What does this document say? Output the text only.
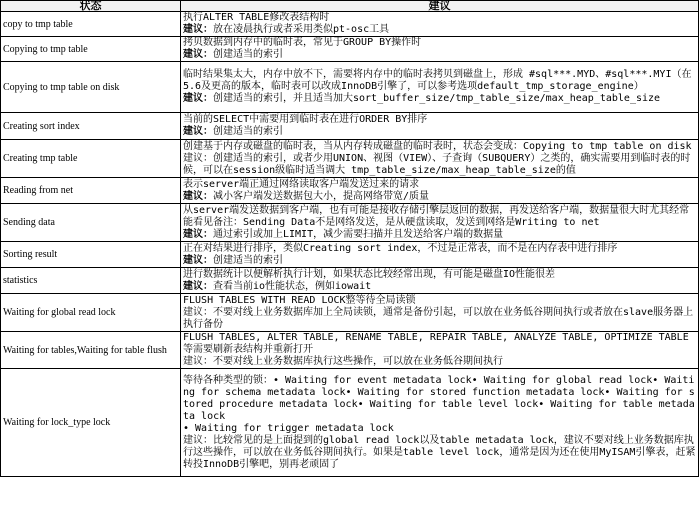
状态	建议
copy to tmp table	执行ALTER TABLE修改表结构时
建议：放在凌晨执行或者采用类似pt-osc工具

Copying to tmp table	拷贝数据到内存中的临时表，常见于GROUP BY操作时
建议：创建适当的索引

Copying to tmp table on disk	临时结果集太大，内存中放不下，需要将内存中的临时表拷贝到磁盘上，形成 #sql***.MYD、#sql***.MYI（在5.6及更高的版本，临时表可以改成InnoDB引擎了，可以参考选项default_tmp_storage_engine）
建议：创建适当的索引，并且适当加大sort_buffer_size/tmp_table_size/max_heap_table_size

Creating sort index	当前的SELECT中需要用到临时表在进行ORDER BY排序
建议：创建适当的索引

Creating tmp table	创建基于内存或磁盘的临时表，当从内存转成磁盘的临时表时，状态会变成：Copying to tmp table on disk建议：创建适当的索引，或者少用UNION、视图（VIEW）、子查询（SUBQUERY）之类的，确实需要用到临时表的时候，可以在session级临时适当调大 tmp_table_size/max_heap_table_size的值

Reading from net	表示server端正通过网络读取客户端发送过来的请求
建议：减小客户端发送数据包大小，提高网络带宽/质量

Sending data	从server端发送数据到客户端，也有可能是接收存储引擎层返回的数据，再发送给客户端，数据量很大时尤其经常能看见备注：Sending Data不是网络发送，是从硬盘读取，发送到网络是Writing to net
建议：通过索引或加上LIMIT，减少需要扫描并且发送给客户端的数据量

Sorting result	正在对结果进行排序，类似Creating sort index，不过是正常表，而不是在内存表中进行排序
建议：创建适当的索引

statistics	进行数据统计以便解析执行计划，如果状态比较经常出现，有可能是磁盘IO性能很差
建议：查看当前io性能状态，例如iowait

Waiting for global read lock	FLUSH TABLES WITH READ LOCK整等待全局读锁
建议：不要对线上业务数据库加上全局读锁，通常是备份引起，可以放在业务低谷期间执行或者放在slave服务器上执行备份

Waiting for tables,Waiting for table flush	FLUSH TABLES, ALTER TABLE, RENAME TABLE, REPAIR TABLE, ANALYZE TABLE, OPTIMIZE TABLE等需要刷新表结构并重新打开
建议：不要对线上业务数据库执行这些操作，可以放在业务低谷期间执行

Waiting for lock_type lock	等待各种类型的锁：• Waiting for event metadata lock• Waiting for global read lock• Waiting for schema metadata lock• Waiting for stored function metadata lock• Waiting for stored procedure metadata lock• Waiting for table level lock• Waiting for table metadata lock
• Waiting for trigger metadata lock
建议：比较常见的是上面提到的global read lock以及table metadata lock，建议不要对线上业务数据库执行这些操作，可以放在业务低谷期间执行。如果是table level lock，通常是因为还在使用MyISAM引擎表，赶紧转投InnoDB引擎吧，别再老顽固了
